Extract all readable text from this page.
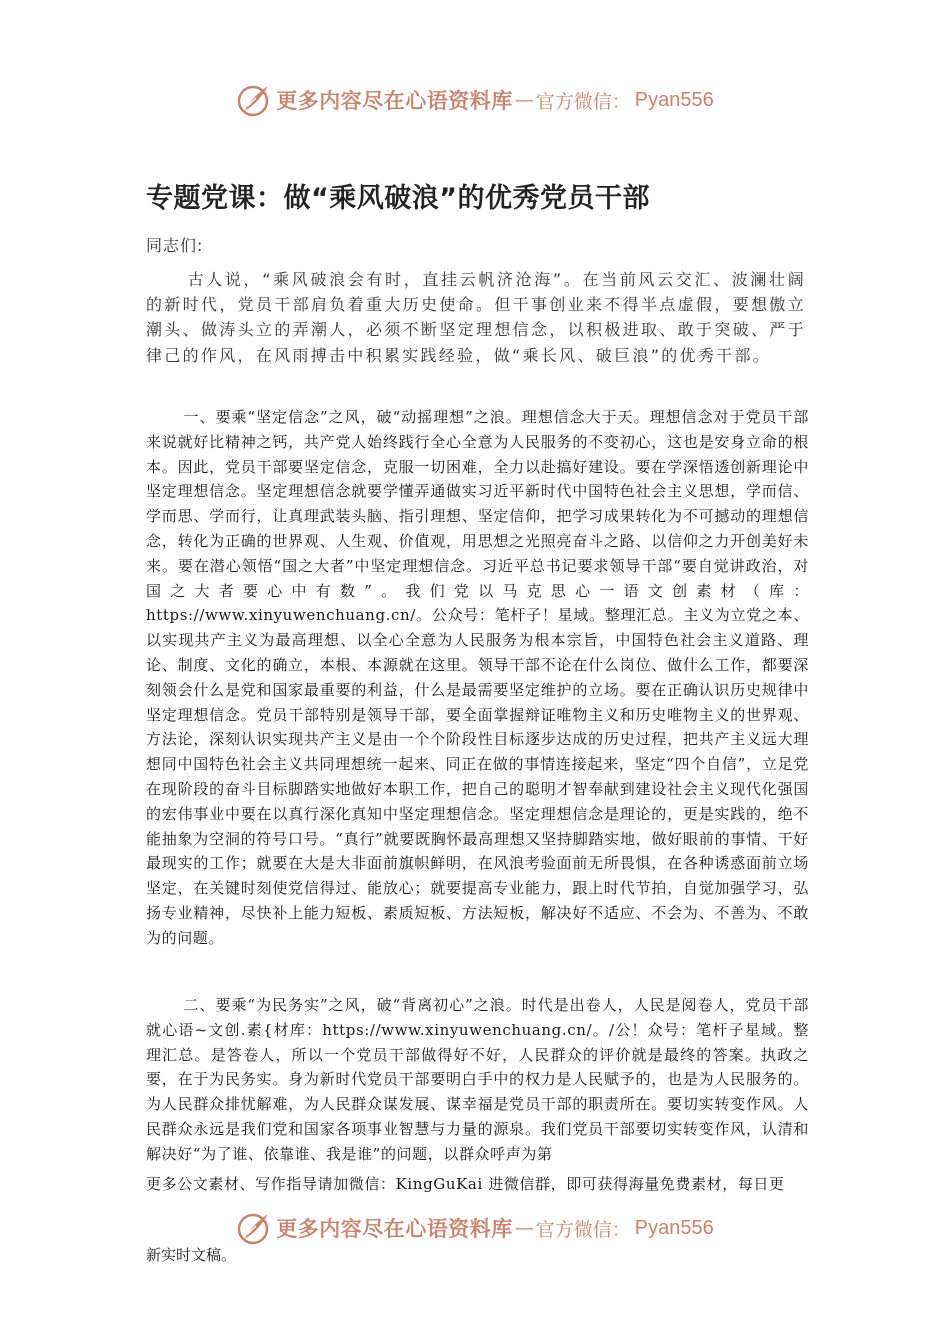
更多内容尽在心语资料库 — 官方微信： Pyan556
专题党课：做“乘风破浪”的优秀党员干部
同志们:

古人说，“乘风破浪会有时，直挂云帆济沧海”。在当前风云交汇、波澜壮阔的新时代，党员干部肩负着重大历史使命。但干事创业来不得半点虚假，要想傲立潮头、做涛头立的弄潮人，必须不断坚定理想信念，以积极进取、敢于突破、严于律己的作风，在风雨搏击中积累实践经验，做“乘长风、破巨浪”的优秀干部。

一、要乘“坚定信念”之风，破“动摇理想”之浪。理想信念大于天。理想信念对于党员干部来说就好比精神之钙，共产党人始终践行全心全意为人民服务的不变初心，这也是安身立命的根本。因此，党员干部要坚定信念，克服一切困难，全力以赴搞好建设。要在学深悟透创新理论中坚定理想信念。坚定理想信念就要学懂弄通做实习近平新时代中国特色社会主义思想，学而信、学而思、学而行，让真理武装头脑、指引理想、坚定信仰，把学习成果转化为不可撼动的理想信念，转化为正确的世界观、人生观、价值观，用思想之光照亮奋斗之路、以信仰之力开创美好未来。要在潜心领悟“国之大者”中坚定理想信念。习近平总书记要求领导干部“要自觉讲政治，对国之大者要心中有数”。我们党以马克思心一语文创素材（库：https://www.xinyuwenchuang.cn/。公众号：笔杆子！星域。整理汇总。主义为立党之本、以实现共产主义为最高理想、以全心全意为人民服务为根本宗旨，中国特色社会主义道路、理论、制度、文化的确立，本根、本源就在这里。领导干部不论在什么岗位、做什么工作，都要深刻领会什么是党和国家最重要的利益，什么是最需要坚定维护的立场。要在正确认识历史规律中坚定理想信念。党员干部特别是领导干部，要全面掌握辩证唯物主义和历史唯物主义的世界观、方法论，深刻认识实现共产主义是由一个个阶段性目标逐步达成的历史过程，把共产主义远大理想同中国特色社会主义共同理想统一起来、同正在做的事情连接起来，坚定“四个自信”，立足党在现阶段的奋斗目标脚踏实地做好本职工作，把自己的聪明才智奉献到建设社会主义现代化强国的宏伟事业中要在以真行深化真知中坚定理想信念。坚定理想信念是理论的，更是实践的，绝不能抽象为空洞的符号口号。“真行”就要既胸怀最高理想又坚持脚踏实地，做好眼前的事情、干好最现实的工作；就要在大是大非面前旗帜鲜明，在风浪考验面前无所畏惧，在各种诱惑面前立场坚定，在关键时刻使党信得过、能放心；就要提高专业能力，跟上时代节拍，自觉加强学习，弘扬专业精神，尽快补上能力短板、素质短板、方法短板，解决好不适应、不会为、不善为、不敢为的问题。

二、要乘“为民务实”之风，破“背离初心”之浪。时代是出卷人，人民是阅卷人，党员干部就心语~文创.素{材库：https://www.xinyuwenchuang.cn/。/公！众号：笔杆子星域。整理汇总。是答卷人，所以一个党员干部做得好不好，人民群众的评价就是最终的答案。执政之要，在于为民务实。身为新时代党员干部要明白手中的权力是人民赋予的，也是为人民服务的。为人民群众排忧解难，为人民群众谋发展、谋幸福是党员干部的职责所在。要切实转变作风。人民群众永远是我们党和国家各项事业智慧与力量的源泉。我们党员干部要切实转变作风，认清和解决好“为了谁、依靠谁、我是谁”的问题，以群众呼声为第

更多公文素材、写作指导请加微信：KingGuKai 进微信群，即可获得海量免费素材，每日更

更多内容尽在心语资料库 — 官方微信： Pyan556

新实时文稿。
